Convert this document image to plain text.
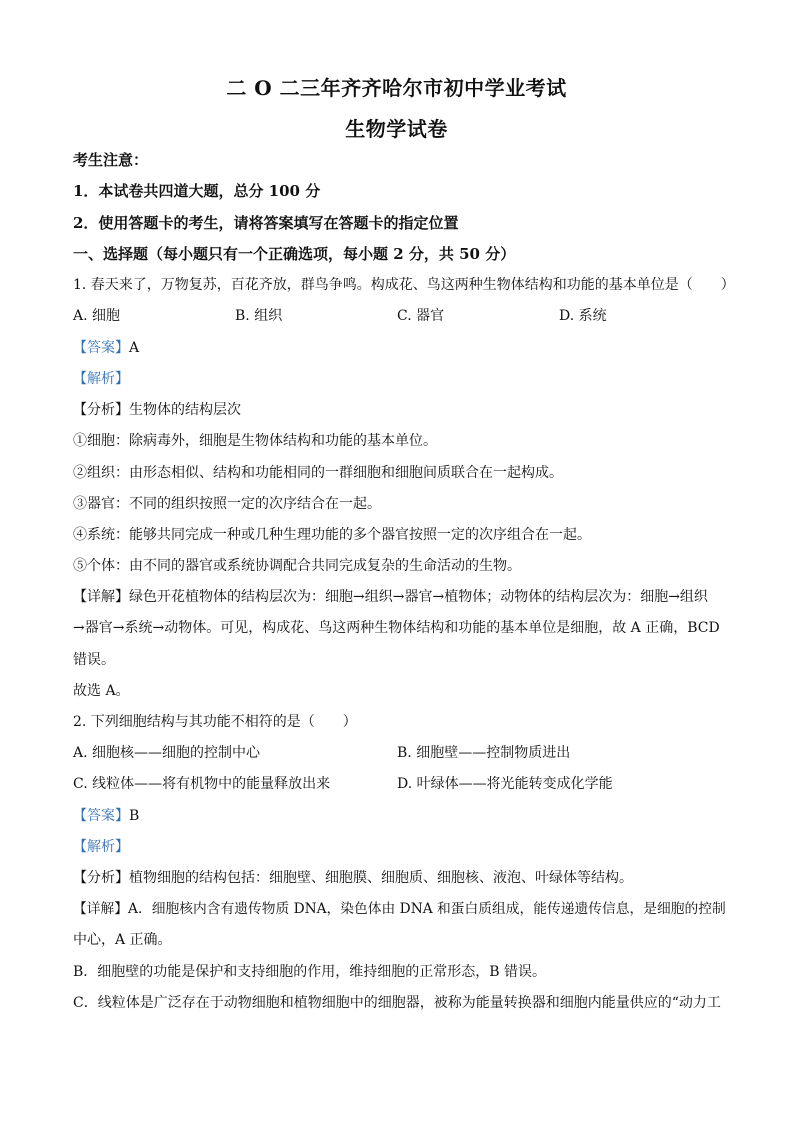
二 O 二三年齐齐哈尔市初中学业考试
生物学试卷
考生注意：
1．本试卷共四道大题，总分 100 分
2．使用答题卡的考生，请将答案填写在答题卡的指定位置
一、选择题（每小题只有一个正确选项，每小题 2 分，共 50 分）
1. 春天来了，万物复苏，百花齐放，群鸟争鸣。构成花、鸟这两种生物体结构和功能的基本单位是（　　）
A. 细胞	B. 组织	C. 器官	D. 系统
【答案】A
【解析】
【分析】生物体的结构层次
①细胞：除病毒外，细胞是生物体结构和功能的基本单位。
②组织：由形态相似、结构和功能相同的一群细胞和细胞间质联合在一起构成。
③器官：不同的组织按照一定的次序结合在一起。
④系统：能够共同完成一种或几种生理功能的多个器官按照一定的次序组合在一起。
⑤个体：由不同的器官或系统协调配合共同完成复杂的生命活动的生物。
【详解】绿色开花植物体的结构层次为：细胞→组织→器官→植物体；动物体的结构层次为：细胞→组织
→器官→系统→动物体。可见，构成花、鸟这两种生物体结构和功能的基本单位是细胞，故 A 正确，BCD
错误。
故选 A。
2. 下列细胞结构与其功能不相符的是（　　）
A. 细胞核——细胞的控制中心	B. 细胞壁——控制物质进出
C. 线粒体——将有机物中的能量释放出来	D. 叶绿体——将光能转变成化学能
【答案】B
【解析】
【分析】植物细胞的结构包括：细胞壁、细胞膜、细胞质、细胞核、液泡、叶绿体等结构。
【详解】A．细胞核内含有遗传物质 DNA，染色体由 DNA 和蛋白质组成，能传递遗传信息，是细胞的控制
中心，A 正确。
B．细胞壁的功能是保护和支持细胞的作用，维持细胞的正常形态，B 错误。
C．线粒体是广泛存在于动物细胞和植物细胞中的细胞器，被称为能量转换器和细胞内能量供应的“动力工
